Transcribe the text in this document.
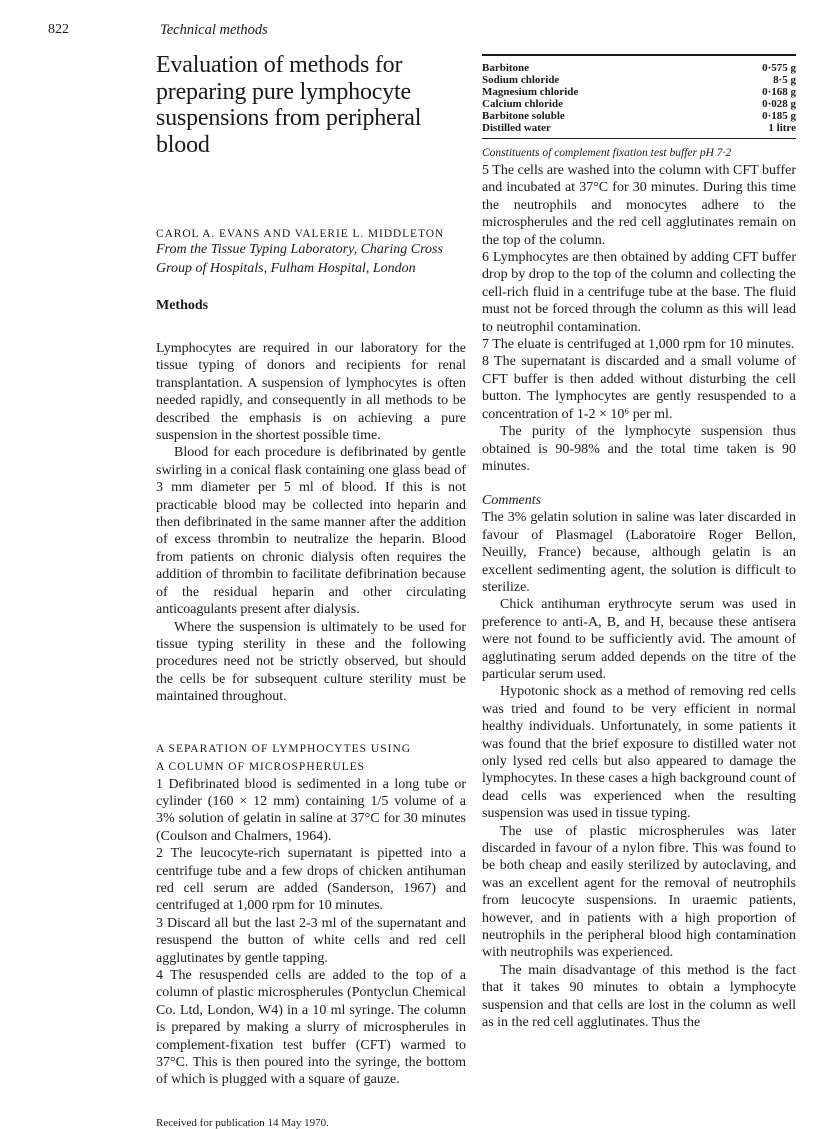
822	Technical methods
Evaluation of methods for preparing pure lymphocyte suspensions from peripheral blood
CAROL A. EVANS AND VALERIE L. MIDDLETON
From the Tissue Typing Laboratory, Charing Cross Group of Hospitals, Fulham Hospital, London
Methods

Lymphocytes are required in our laboratory for the tissue typing of donors and recipients for renal transplantation. A suspension of lymphocytes is often needed rapidly, and consequently in all methods to be described the emphasis is on achieving a pure suspension in the shortest possible time.

Blood for each procedure is defibrinated by gentle swirling in a conical flask containing one glass bead of 3 mm diameter per 5 ml of blood. If this is not practicable blood may be collected into heparin and then defibrinated in the same manner after the addition of excess thrombin to neutralize the heparin. Blood from patients on chronic dialysis often requires the addition of thrombin to facilitate defibrination because of the residual heparin and other circulating anticoagulants present after dialysis.

Where the suspension is ultimately to be used for tissue typing sterility in these and the following procedures need not be strictly observed, but should the cells be for subsequent culture sterility must be maintained throughout.

A SEPARATION OF LYMPHOCYTES USING
A COLUMN OF MICROSPHERULES

1 Defibrinated blood is sedimented in a long tube or cylinder (160 × 12 mm) containing 1/5 volume of a 3% solution of gelatin in saline at 37°C for 30 minutes (Coulson and Chalmers, 1964).

2 The leucocyte-rich supernatant is pipetted into a centrifuge tube and a few drops of chicken antihuman red cell serum are added (Sanderson, 1967) and centrifuged at 1,000 rpm for 10 minutes.

3 Discard all but the last 2-3 ml of the supernatant and resuspend the button of white cells and red cell agglutinates by gentle tapping.

4 The resuspended cells are added to the top of a column of plastic microspherules (Pontyclun Chemical Co. Ltd, London, W4) in a 10 ml syringe. The column is prepared by making a slurry of microspherules in complement-fixation test buffer (CFT) warmed to 37°C. This is then poured into the syringe, the bottom of which is plugged with a square of gauze.

Received for publication 14 May 1970.
Barbitone	0·575 g
Sodium chloride	8·5 g
Magnesium chloride	0·168 g
Calcium chloride	0·028 g
Barbitone soluble	0·185 g
Distilled water	1 litre
Constituents of complement fixation test buffer pH 7·2

5 The cells are washed into the column with CFT buffer and incubated at 37°C for 30 minutes. During this time the neutrophils and monocytes adhere to the microspherules and the red cell agglutinates remain on the top of the column.

6 Lymphocytes are then obtained by adding CFT buffer drop by drop to the top of the column and collecting the cell-rich fluid in a centrifuge tube at the base. The fluid must not be forced through the column as this will lead to neutrophil contamination.

7 The eluate is centrifuged at 1,000 rpm for 10 minutes.

8 The supernatant is discarded and a small volume of CFT buffer is then added without disturbing the cell button. The lymphocytes are gently resuspended to a concentration of 1-2 × 10⁶ per ml.

The purity of the lymphocyte suspension thus obtained is 90-98% and the total time taken is 90 minutes.

Comments

The 3% gelatin solution in saline was later discarded in favour of Plasmagel (Laboratoire Roger Bellon, Neuilly, France) because, although gelatin is an excellent sedimenting agent, the solution is difficult to sterilize.

Chick antihuman erythrocyte serum was used in preference to anti-A, B, and H, because these antisera were not found to be sufficiently avid. The amount of agglutinating serum added depends on the titre of the particular serum used.

Hypotonic shock as a method of removing red cells was tried and found to be very efficient in normal healthy individuals. Unfortunately, in some patients it was found that the brief exposure to distilled water not only lysed red cells but also appeared to damage the lymphocytes. In these cases a high background count of dead cells was experienced when the resulting suspension was used in tissue typing.

The use of plastic microspherules was later discarded in favour of a nylon fibre. This was found to be both cheap and easily sterilized by autoclaving, and was an excellent agent for the removal of neutrophils from leucocyte suspensions. In uraemic patients, however, and in patients with a high proportion of neutrophils in the peripheral blood high contamination with neutrophils was experienced.

The main disadvantage of this method is the fact that it takes 90 minutes to obtain a lymphocyte suspension and that cells are lost in the column as well as in the red cell agglutinates. Thus the
